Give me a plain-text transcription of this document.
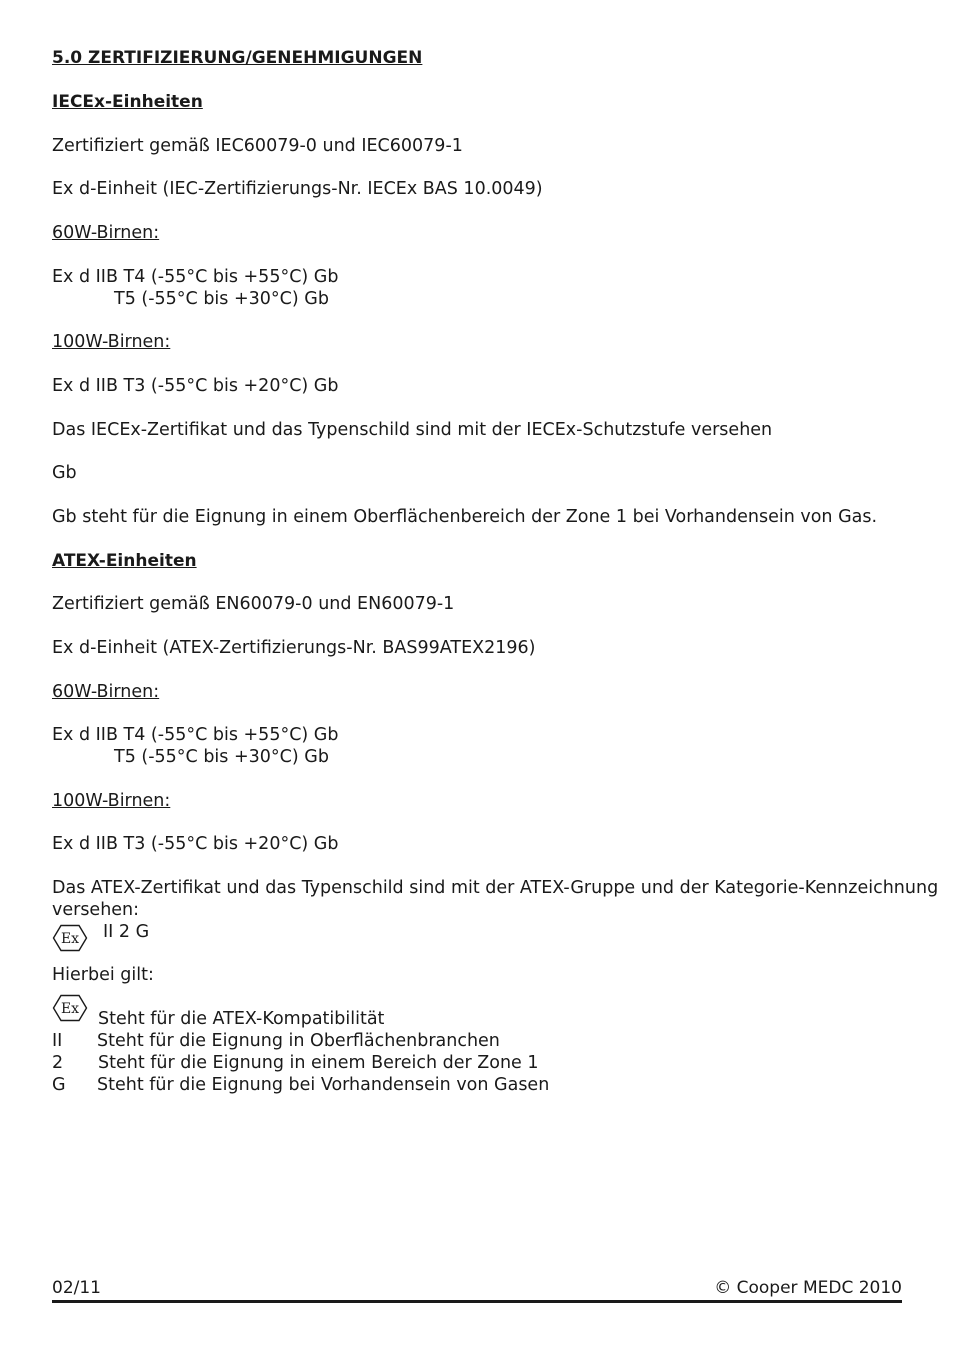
5.0 ZERTIFIZIERUNG/GENEHMIGUNGEN
IECEx-Einheiten
Zertifiziert gemäß IEC60079-0 und IEC60079-1
Ex d-Einheit (IEC-Zertifizierungs-Nr. IECEx BAS 10.0049)
60W-Birnen:
Ex d IIB T4 (-55°C bis +55°C) Gb
T5 (-55°C bis +30°C) Gb
100W-Birnen:
Ex d IIB T3 (-55°C bis +20°C) Gb
Das IECEx-Zertifikat und das Typenschild sind mit der IECEx-Schutzstufe versehen
Gb
Gb steht für die Eignung in einem Oberflächenbereich der Zone 1 bei Vorhandensein von Gas.
ATEX-Einheiten
Zertifiziert gemäß EN60079-0 und EN60079-1
Ex d-Einheit (ATEX-Zertifizierungs-Nr. BAS99ATEX2196)
60W-Birnen:
Ex d IIB T4 (-55°C bis +55°C) Gb
T5 (-55°C bis +30°C) Gb
100W-Birnen:
Ex d IIB T3 (-55°C bis +20°C) Gb
Das ATEX-Zertifikat und das Typenschild sind mit der ATEX-Gruppe und der Kategorie-Kennzeichnung
versehen:
Ex II 2 G
Hierbei gilt:
Ex Steht für die ATEX-Kompatibilität
II Steht für die Eignung in Oberflächenbranchen
2 Steht für die Eignung in einem Bereich der Zone 1
G Steht für die Eignung bei Vorhandensein von Gasen
02/11	© Cooper MEDC 2010
